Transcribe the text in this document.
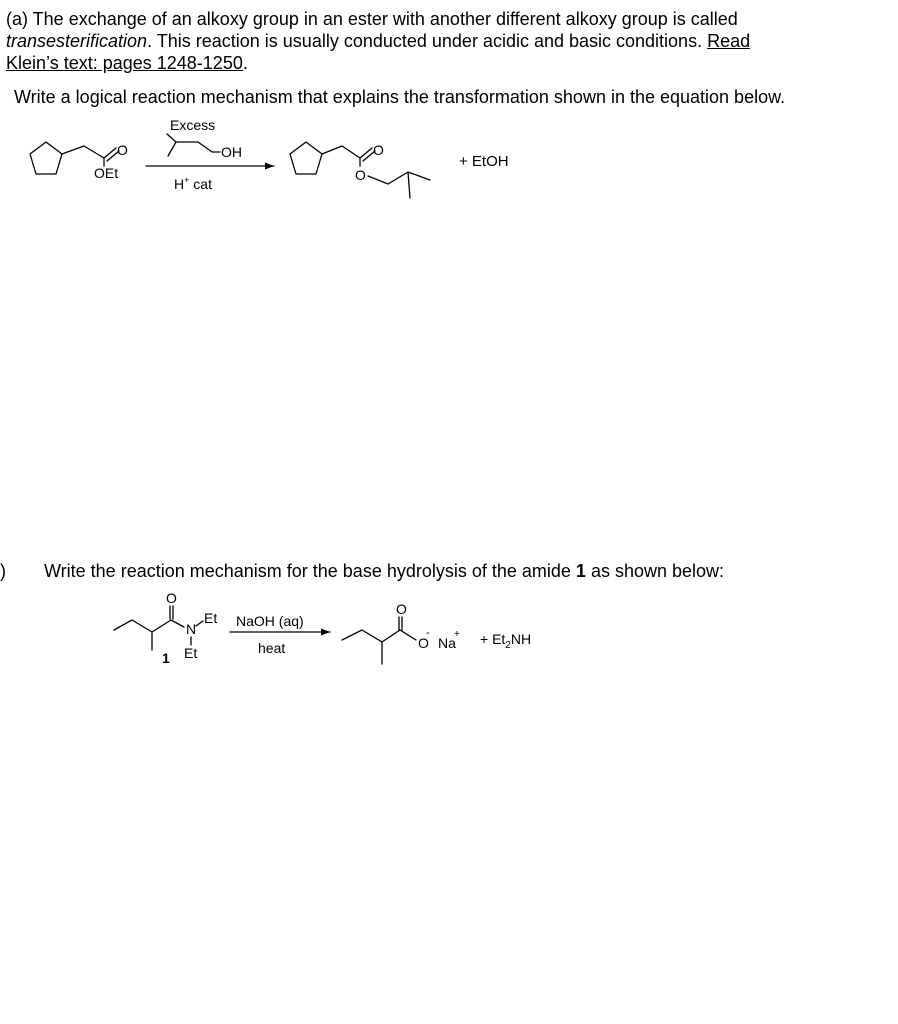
(a) The exchange of an alkoxy group in an ester with another different alkoxy group is called
transesterification. This reaction is usually conducted under acidic and basic conditions. Read
Klein’s text: pages 1248-1250.
Write a logical reaction mechanism that explains the transformation shown in the equation below.
) Write the reaction mechanism for the base hydrolysis of the amide 1 as shown below:
O
OEt
Excess
OH
H+ cat
O
O
+ EtOH
O
N
Et
Et
1
NaOH (aq)
heat
O
O
-
Na
+ + $Et_2NH$
